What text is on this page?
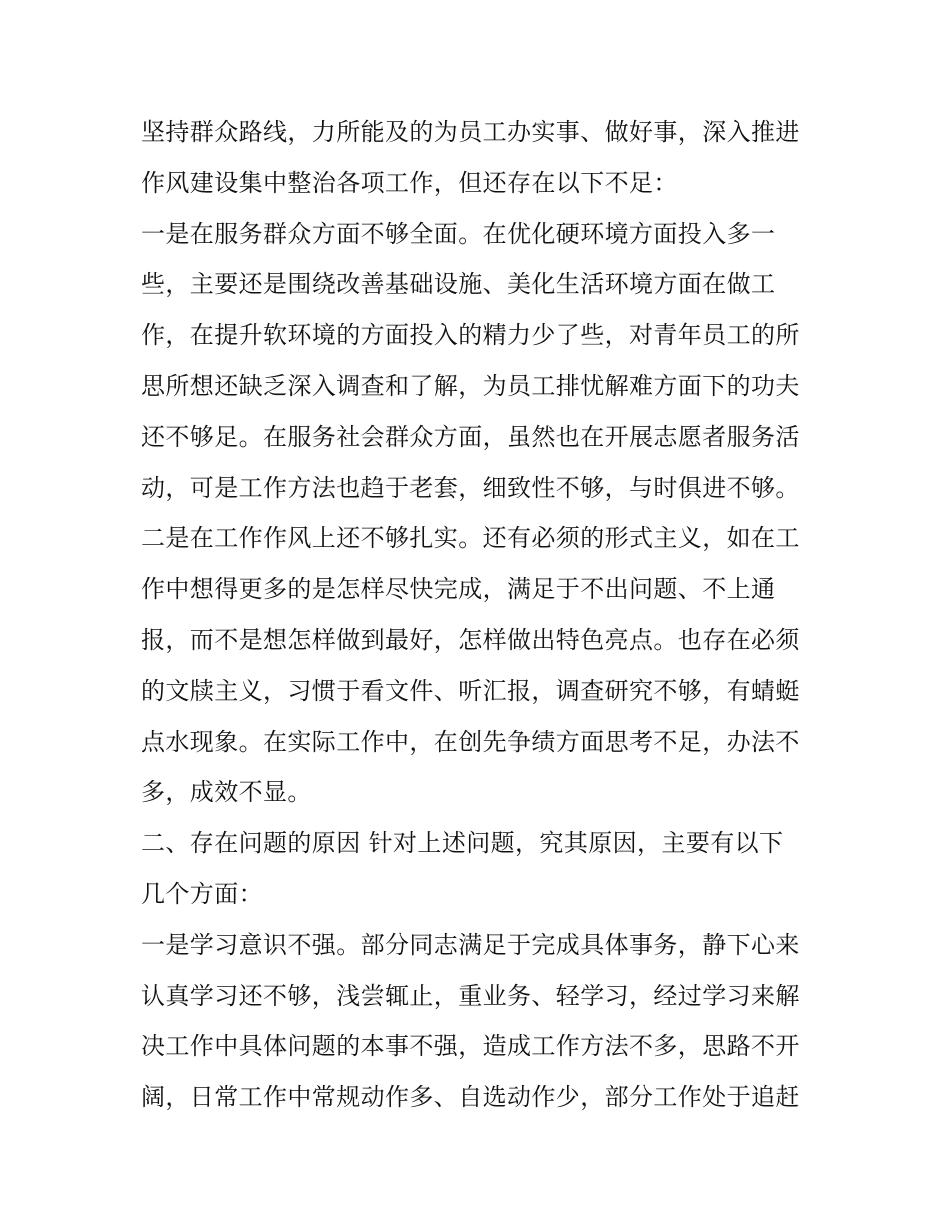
坚持群众路线，力所能及的为员工办实事、做好事，深入推进
作风建设集中整治各项工作，但还存在以下不足：
一是在服务群众方面不够全面。在优化硬环境方面投入多一
些，主要还是围绕改善基础设施、美化生活环境方面在做工
作，在提升软环境的方面投入的精力少了些，对青年员工的所
思所想还缺乏深入调查和了解，为员工排忧解难方面下的功夫
还不够足。在服务社会群众方面，虽然也在开展志愿者服务活
动，可是工作方法也趋于老套，细致性不够，与时俱进不够。
二是在工作作风上还不够扎实。还有必须的形式主义，如在工
作中想得更多的是怎样尽快完成，满足于不出问题、不上通
报，而不是想怎样做到最好，怎样做出特色亮点。也存在必须
的文牍主义，习惯于看文件、听汇报，调查研究不够，有蜻蜓
点水现象。在实际工作中，在创先争绩方面思考不足，办法不
多，成效不显。
二、存在问题的原因 针对上述问题，究其原因，主要有以下
几个方面：
一是学习意识不强。部分同志满足于完成具体事务，静下心来
认真学习还不够，浅尝辄止，重业务、轻学习，经过学习来解
决工作中具体问题的本事不强，造成工作方法不多，思路不开
阔，日常工作中常规动作多、自选动作少，部分工作处于追赶
